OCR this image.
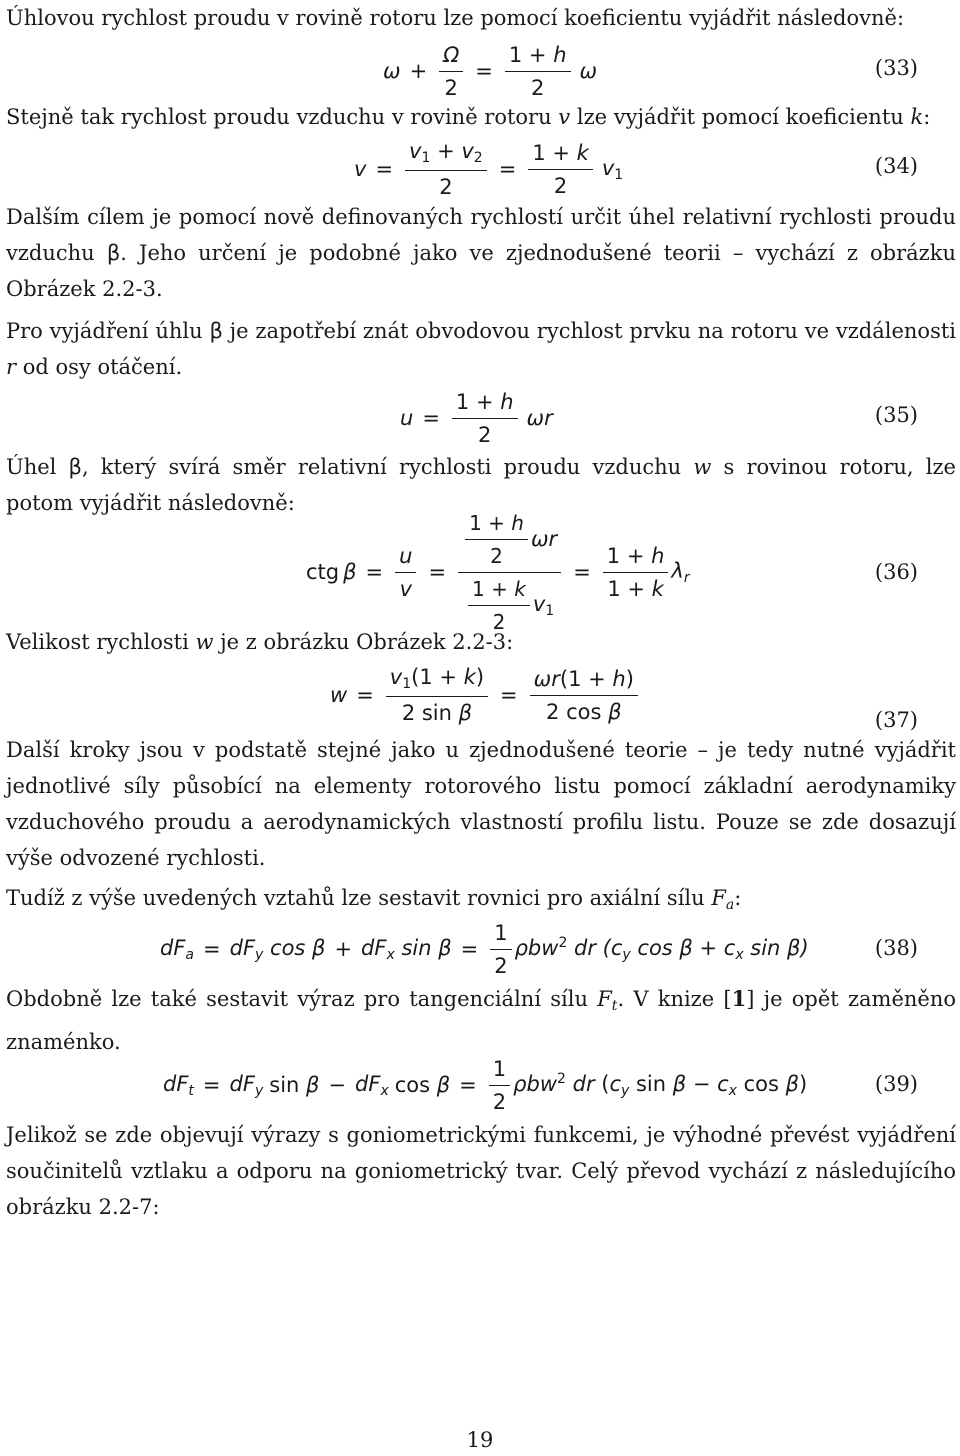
Úhlovou rychlost proudu v rovině rotoru lze pomocí koeficientu vyjádřit následovně:

$\omega + \frac{\Omega}{2} = \frac{1 + h}{2}$ ω	(33)

Stejně tak rychlost proudu vzduchu v rovině rotoru v lze vyjádřit pomocí koeficientu k:

$v = \frac{v_1 + v_2}{2} = \frac{1 + k}{2} v_1$	(34)

Dalším cílem je pomocí nově definovaných rychlostí určit úhel relativní rychlosti proudu vzduchu β. Jeho určení je podobné jako ve zjednodušené teorii – vychází z obrázku Obrázek 2.2-3.

Pro vyjádření úhlu β je zapotřebí znát obvodovou rychlost prvku na rotoru ve vzdálenosti r od osy otáčení.

$u = \frac{1 + h}{2}$ ωr	(35)

Úhel β, který svírá směr relativní rychlosti proudu vzduchu w s rovinou rotoru, lze potom vyjádřit následovně:

ctg $\beta = \frac{u}{v} = \frac{\frac{1 + h}{2} \omega r}{\frac{1 + k}{2} v_1} = \frac{1 + h}{1 + k} \lambda_r$	(36)

Velikost rychlosti w je z obrázku Obrázek 2.2-3:

$w = \frac{v_1(1 + k)}{\text{2 sin β}} = \frac{\omega r(1 + h)}{\text{2 cos β}}$	(37)

Další kroky jsou v podstatě stejné jako u zjednodušené teorie – je tedy nutné vyjádřit jednotlivé síly působící na elementy rotorového listu pomocí základní aerodynamiky vzduchového proudu a aerodynamických vlastností profilu listu. Pouze se zde dosazují výše odvozené rychlosti.

Tudíž z výše uvedených vztahů lze sestavit rovnici pro axiální sílu $F_a$:

$dF_a = dF_y$ $\cos \beta + dF_x$ $\sin \beta = \frac{1}{2} \rho bw^2$ dr ($c_y$ $\cos \beta + c_x$ sin β)	(38)

Obdobně lze také sestavit výraz pro tangenciální sílu $F_t$. V knize [1] je opět zaměněno znaménko.

$dF_t = dF_y$ $\sin \beta - dF_x$ $\cos \beta = \frac{1}{2} \rho bw^2$ dr ($c_y$ $\sin \beta - c_x$ cos β)	(39)

Jelikož se zde objevují výrazy s goniometrickými funkcemi, je výhodné převést vyjádření součinitelů vztlaku a odporu na goniometrický tvar. Celý převod vychází z následujícího obrázku 2.2-7:

19
